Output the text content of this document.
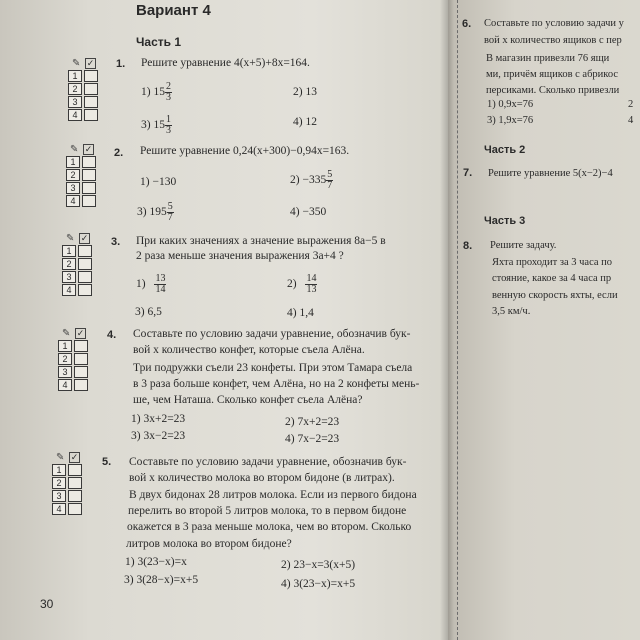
Вариант 4
Часть 1
✎ ✓
1
2
3
4
✎ ✓
1
2
3
4
✎ ✓
1
2
3
4
✎ ✓
1
2
3
4
✎ ✓
1
2
3
4
1. Решите уравнение 4(x+5)+8x=164.
1) $15 \frac{2}{3}$	2) 13
3) $15 \frac{1}{3}$	4) 12
2. Решите уравнение 0,24(x+300)−0,94x=163.
1) −130	$2) -335 \frac{5}{7}$
3) $195 \frac{5}{7}$	4) −350
3. При каких значениях a значение выражения 8a−5 в
2 раза меньше значения выражения 3a+4 ?
$1) \frac{13}{14}$	$2) \frac{14}{13}$
3) 6,5	4) 1,4
4. Составьте по условию задачи уравнение, обозначив бук-
вой x количество конфет, которые съела Алёна.
Три подружки съели 23 конфеты. При этом Тамара съела
в 3 раза больше конфет, чем Алёна, но на 2 конфеты мень-
ше, чем Наташа. Сколько конфет съела Алёна?
1) 3x+2=23	2) 7x+2=23
3) 3x−2=23	4) 7x−2=23
5. Составьте по условию задачи уравнение, обозначив бук-
вой x количество молока во втором бидоне (в литрах).
В двух бидонах 28 литров молока. Если из первого бидона
перелить во второй 5 литров молока, то в первом бидоне
окажется в 3 раза меньше молока, чем во втором. Сколько
литров молока во втором бидоне?
1) 3(23−x)=x	2) 23−x=3(x+5)
3) 3(28−x)=x+5	4) 3(23−x)=x+5
30
6. Составьте по условию задачи у
вой x количество ящиков с пер
В магазин привезли 76 ящи
ми, причём ящиков с абрикос
персиками. Сколько привезли
1) 0,9x=76	2
3) 1,9x=76	4
Часть 2
7. Решите уравнение 5(x−2)−4
Часть 3
8. Решите задачу.
Яхта проходит за 3 часа по
стояние, какое за 4 часа пр
венную скорость яхты, если
3,5 км/ч.
